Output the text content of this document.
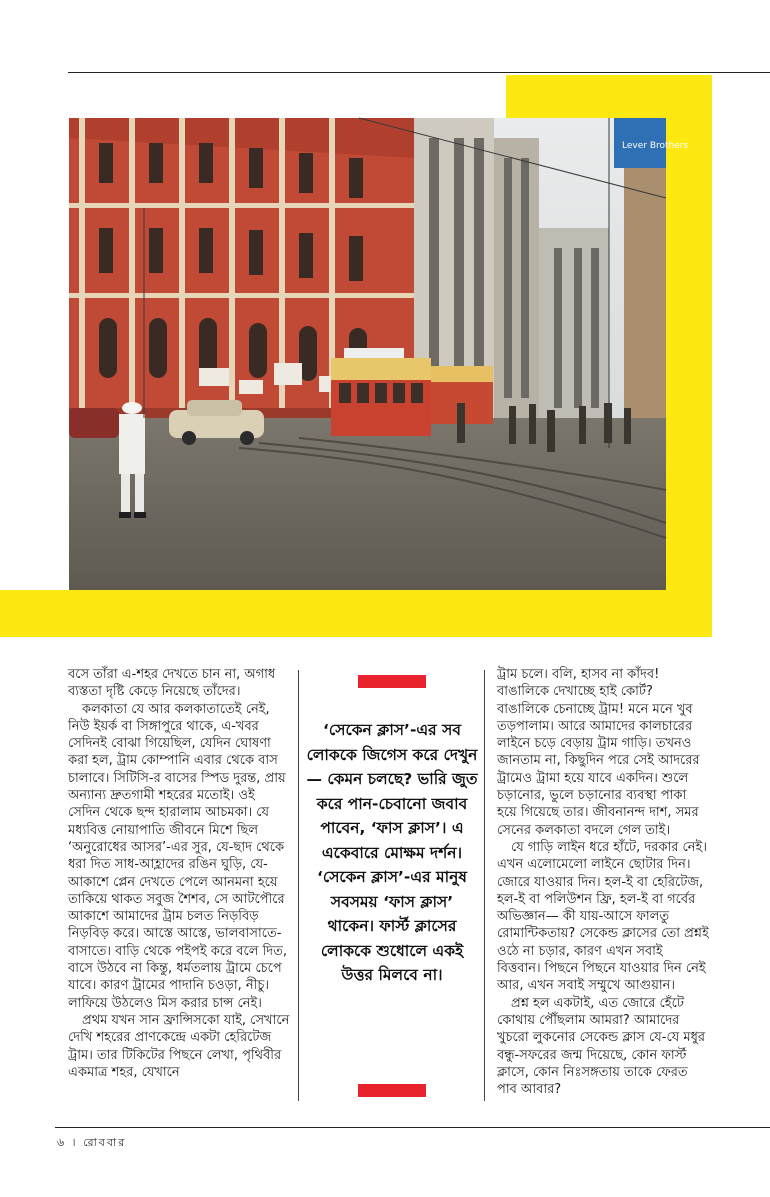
Lever Brothers

বসে তাঁরা এ-শহর দেখতে চান না, অগাধ ব্যস্ততা দৃষ্টি কেড়ে নিয়েছে তাঁদের।

কলকাতা যে আর কলকাতাতেই নেই, নিউ ইয়র্ক বা সিঙ্গাপুরে থাকে, এ-খবর সেদিনই বোঝা গিয়েছিল, যেদিন ঘোষণা করা হল, ট্রাম কোম্পানি এবার থেকে বাস চালাবে। সিটিসি-র বাসের স্পিড দুরন্ত, প্রায় অন্যান্য দ্রুতগামী শহরের মতোই। ওই সেদিন থেকে ছন্দ হারালাম আচমকা। যে মধ্যবিত্ত নোয়াপাতি জীবনে মিশে ছিল ‘অনুরোধের আসর’-এর সুর, যে-ছাদ থেকে ধরা দিত সাধ-আহ্লাদের রঙিন ঘুড়ি, যে-আকাশে প্লেন দেখতে পেলে আনমনা হয়ে তাকিয়ে থাকত সবুজ শৈশব, সে আটপৌরে আকাশে আমাদের ট্রাম চলত নিড়বিড় নিড়বিড় করে। আস্তে আস্তে, ভালবাসাতে-বাসাতে। বাড়ি থেকে পইপই করে বলে দিত, বাসে উঠবে না কিন্তু, ধর্মতলায় ট্রামে চেপে যাবে। কারণ ট্রামের পাদানি চওড়া, নীচু। লাফিয়ে উঠলেও মিস করার চান্স নেই।

প্রথম যখন সান ফ্রান্সিসকো যাই, সেখানে দেখি শহরের প্রাণকেন্দ্রে একটা হেরিটেজ ট্রাম। তার টিকিটের পিছনে লেখা, পৃথিবীর একমাত্র শহর, যেখানে

‘সেকেন ক্লাস’-এর সব লোককে জিগেস করে দেখুন— কেমন চলছে? ভারি জুত করে পান-চেবানো জবাব পাবেন, ‘ফাস ক্লাস’। এ একেবারে মোক্ষম দর্শন। ‘সেকেন ক্লাস’-এর মানুষ সবসময় ‘ফাস ক্লাস’ থাকেন। ফার্স্ট ক্লাসের লোককে শুধোলে একই উত্তর মিলবে না।

ট্রাম চলে। বলি, হাসব না কাঁদব! বাঙালিকে দেখাচ্ছে হাই কোর্ট? বাঙালিকে চেনাচ্ছে ট্রাম! মনে মনে খুব তড়পালাম। আরে আমাদের কালচারের লাইনে চড়ে বেড়ায় ট্রাম গাড়ি। তখনও জানতাম না, কিছুদিন পরে সেই আদরের ট্রামেও ট্রামা হয়ে যাবে একদিন। শুলে চড়ানোর, ভুলে চড়ানোর ব্যবস্থা পাকা হয়ে গিয়েছে তার। জীবনানন্দ দাশ, সমর সেনের কলকাতা বদলে গেল তাই।

যে গাড়ি লাইন ধরে হাঁটে, দরকার নেই। এখন এলোমেলো লাইনে ছোটার দিন। জোরে যাওয়ার দিন। হল-ই বা হেরিটেজ, হল-ই বা পলিউশন ফ্রি, হল-ই বা গর্বের অভিজ্ঞান— কী যায়-আসে ফালতু রোমান্টিকতায়? সেকেন্ড ক্লাসের তো প্রশ্নই ওঠে না চড়ার, কারণ এখন সবাই বিত্তবান। পিছনে পিছনে যাওয়ার দিন নেই আর, এখন সবাই সম্মুখে আগুয়ান।

প্রশ্ন হল একটাই, এত জোরে হেঁটে কোথায় পৌঁছলাম আমরা? আমাদের খুচরো লুকনোর সেকেন্ড ক্লাস যে-যে মধুর বন্ধু-সফরের জন্ম দিয়েছে, কোন ফার্স্ট ক্লাসে, কোন নিঃসঙ্গতায় তাকে ফেরত পাব আবার?

৬ । রোববার
